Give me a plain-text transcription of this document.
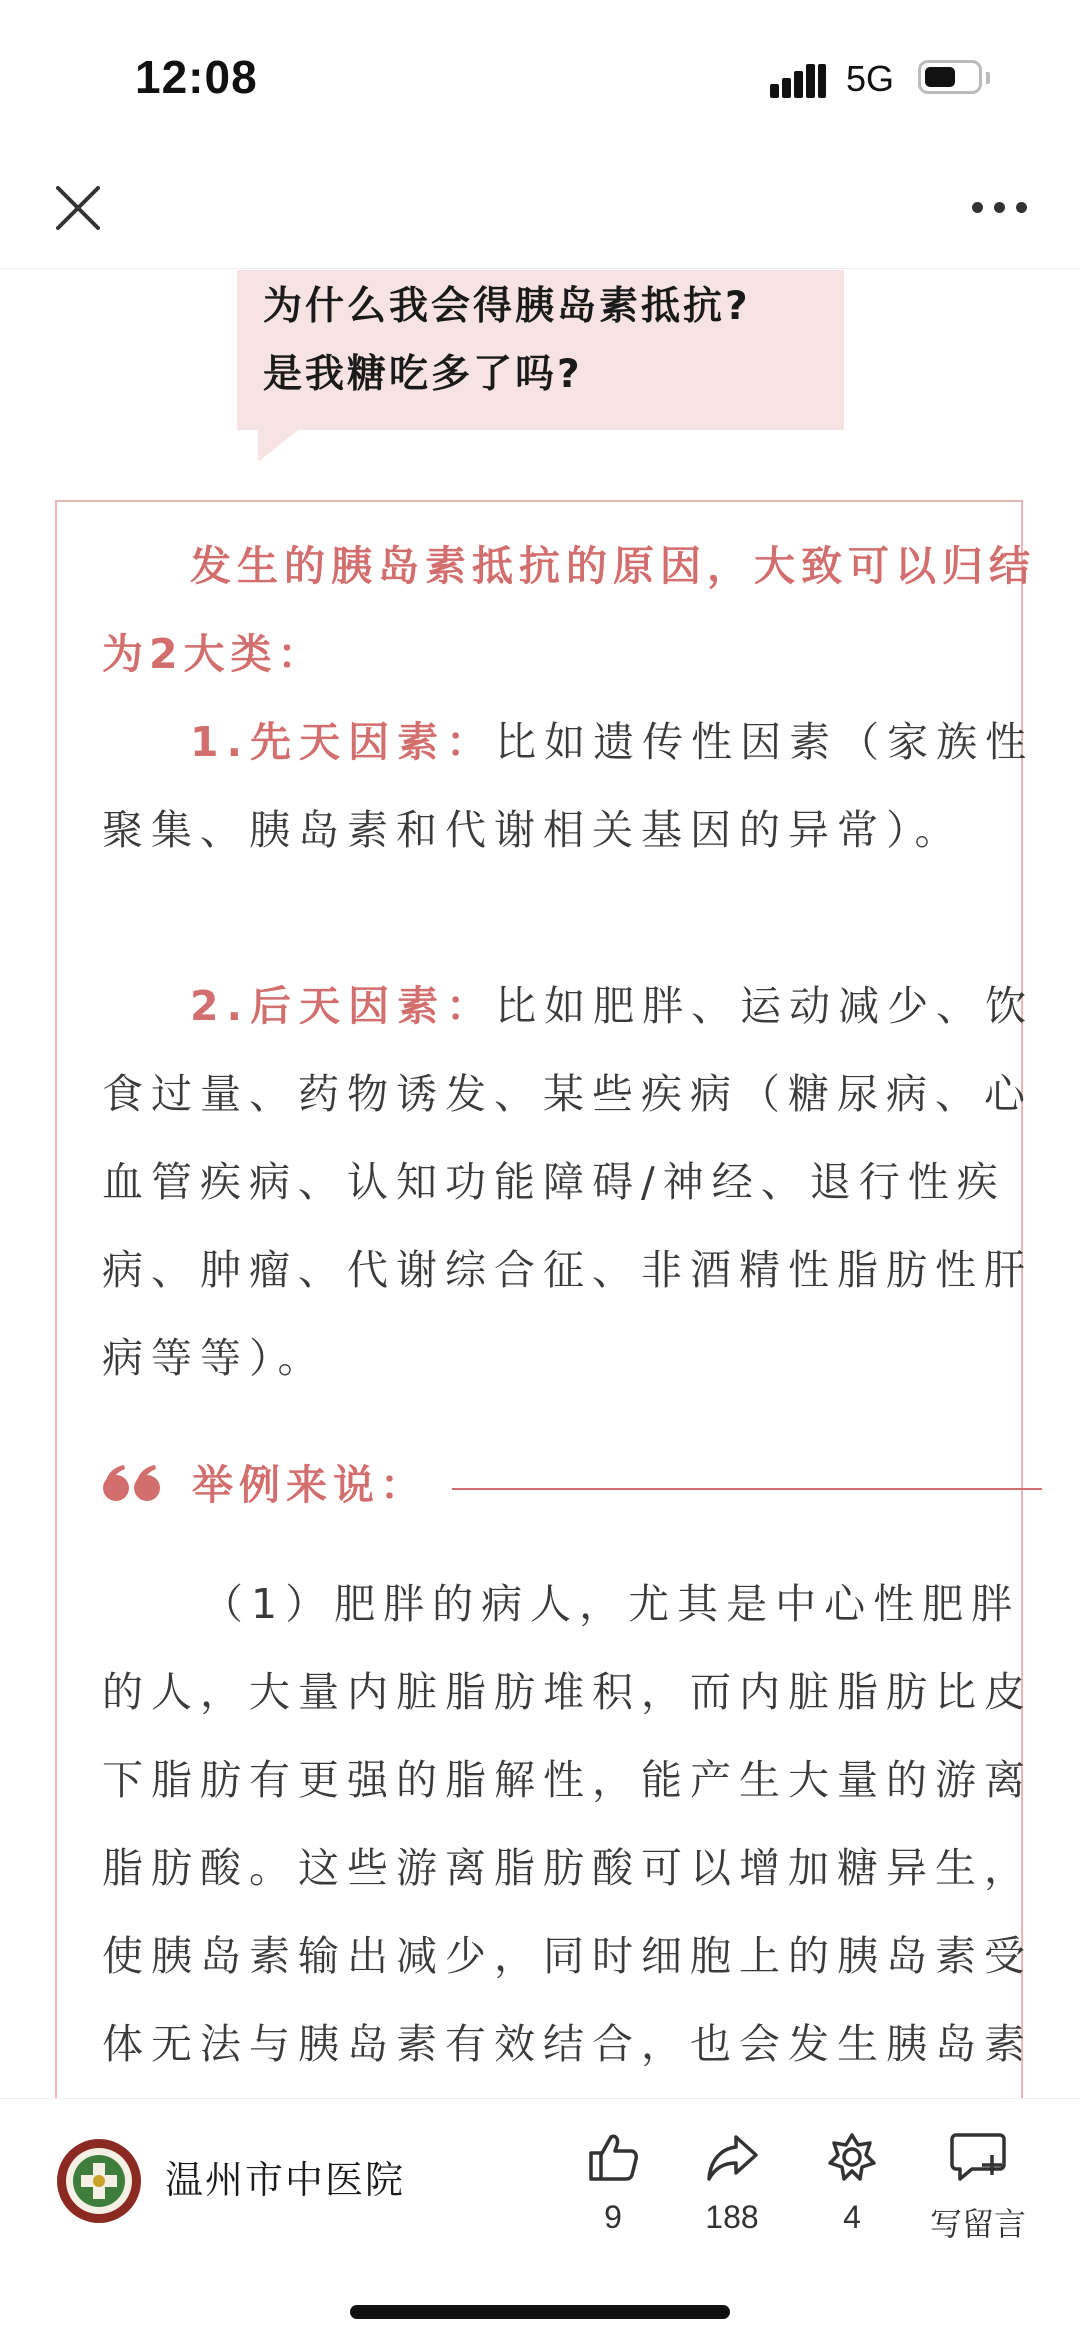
12:08	5G

为什么我会得胰岛素抵抗?

是我糖吃多了吗?

发生的胰岛素抵抗的原因，大致可以归结为2大类：

1.先天因素：比如遗传性因素（家族性聚集、胰岛素和代谢相关基因的异常）。

2.后天因素：比如肥胖、运动减少、饮食过量、药物诱发、某些疾病（糖尿病、心血管疾病、认知功能障碍/神经、退行性疾病、肿瘤、代谢综合征、非酒精性脂肪性肝病等等）。

举例来说：

（1）肥胖的病人，尤其是中心性肥胖的人，大量内脏脂肪堆积，而内脏脂肪比皮下脂肪有更强的脂解性，能产生大量的游离脂肪酸。这些游离脂肪酸可以增加糖异生，使胰岛素输出减少，同时细胞上的胰岛素受体无法与胰岛素有效结合，也会发生胰岛素

温州市中医院
9	188	4	写留言
